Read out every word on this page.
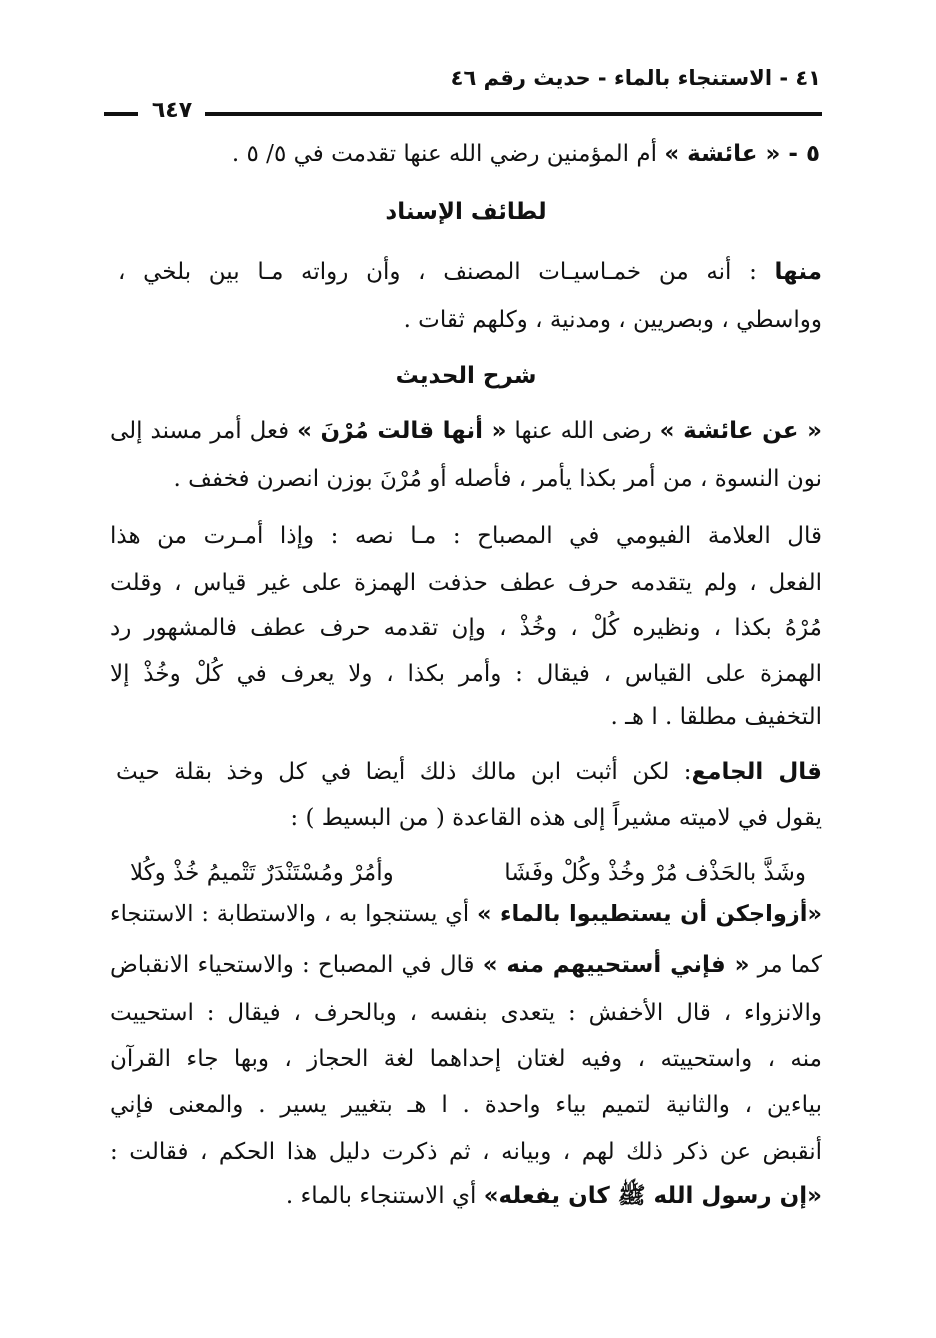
٤١ - الاستنجاء بالماء - حديث رقم ٤٦
٦٤٧
٥ - « عائشة » أم المؤمنين رضي الله عنها تقدمت في ٥/ ٥ .
لطائف الإسناد
منها : أنه من خمـاسيـات المصنف ، وأن رواته مـا بين بلخي ،
وواسطي ، وبصريين ، ومدنية ، وكلهم ثقات .
شرح الحديث
« عن عائشة » رضى الله عنها « أنها قالت مُرْنَ » فعل أمر مسند إلى
نون النسوة ، من أمر بكذا يأمر ، فأصله أو مُرْنَ بوزن انصرن فخفف .
قال العلامة الفيومي في المصباح : مـا نصه : وإذا أمـرت من هذا
الفعل ، ولم يتقدمه حرف عطف حذفت الهمزة على غير قياس ، وقلت
مُرْهُ بكذا ، ونظيره كُلْ ، وخُذْ ، وإن تقدمه حرف عطف فالمشهور رد
الهمزة على القياس ، فيقال : وأمر بكذا ، ولا يعرف في كُلْ وخُذْ إلا
التخفيف مطلقا . ا هـ .
قال الجامع: لكن أثبت ابن مالك ذلك أيضا في كل وخذ بقلة حيث
يقول في لاميته مشيراً إلى هذه القاعدة ( من البسيط ) :
وشَذَّ بالحَذْف مُرْ وخُذْ وكُلْ وفَشَا
وأمُرْ ومُسْتَنْدَرٌ تَتْميمُ خُذْ وكُلا
«أزواجكن أن يستطيبوا بالماء » أي يستنجوا به ، والاستطابة : الاستنجاء
كما مر « فإني أستحييهم منه » قال في المصباح : والاستحياء الانقباض
والانزواء ، قال الأخفش : يتعدى بنفسه ، وبالحرف ، فيقال : استحييت
منه ، واستحييته ، وفيه لغتان إحداهما لغة الحجاز ، وبها جاء القرآن
بياءين ، والثانية لتميم بياء واحدة . ا هـ بتغيير يسير . والمعنى فإني
أنقبض عن ذكر ذلك لهم ، وبيانه ، ثم ذكرت دليل هذا الحكم ، فقالت :
«إن رسول الله ﷺ كان يفعله» أي الاستنجاء بالماء .
